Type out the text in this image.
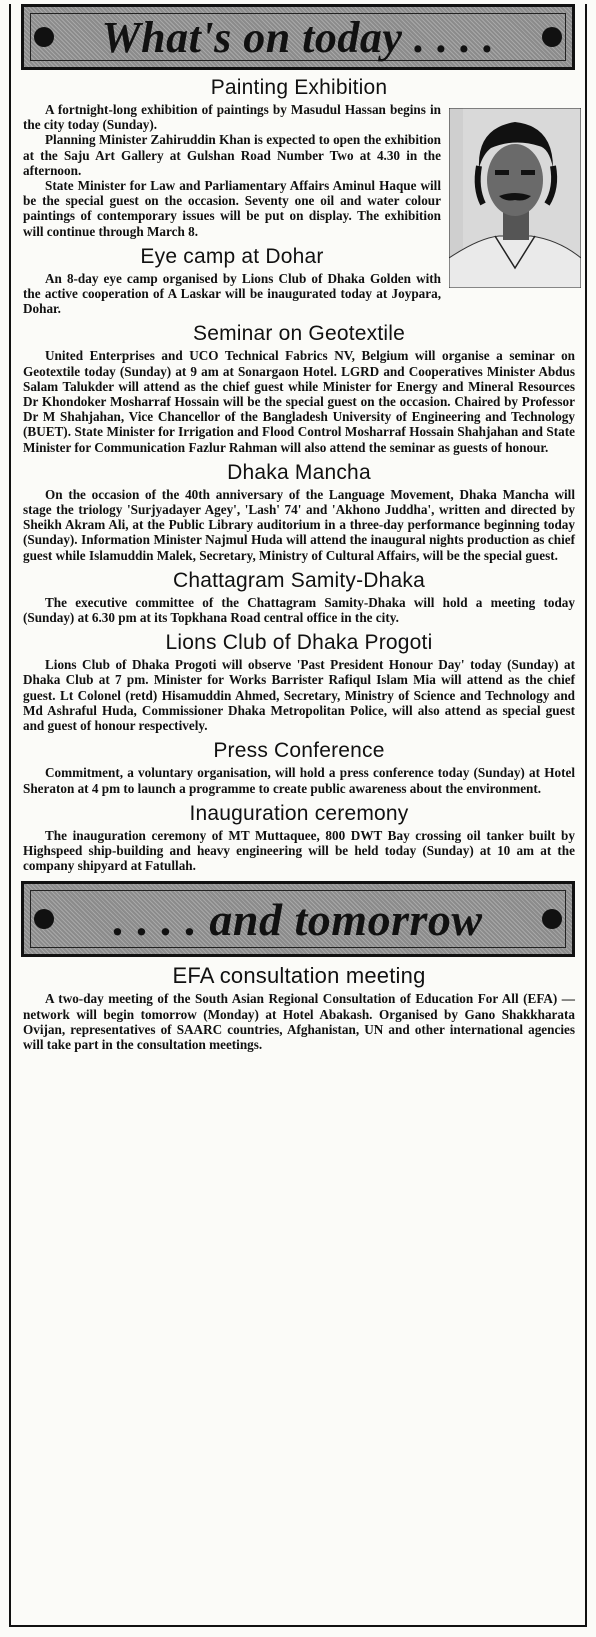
What's on today . . . .
Painting Exhibition

A fortnight-long exhibition of paintings by Masudul Hassan begins in the city today (Sunday).

Planning Minister Zahiruddin Khan is expected to open the exhibition at the Saju Art Gallery at Gulshan Road Number Two at 4.30 in the afternoon.

State Minister for Law and Parliamentary Affairs Aminul Haque will be the special guest on the occasion. Seventy one oil and water colour paintings of contemporary issues will be put on display. The exhibition will continue through March 8.

Eye camp at Dohar

An 8-day eye camp organised by Lions Club of Dhaka Golden with the active cooperation of A Laskar will be inaugurated today at Joypara, Dohar.

Seminar on Geotextile

United Enterprises and UCO Technical Fabrics NV, Belgium will organise a seminar on Geotextile today (Sunday) at 9 am at Sonargaon Hotel. LGRD and Cooperatives Minister Abdus Salam Talukder will attend as the chief guest while Minister for Energy and Mineral Resources Dr Khondoker Mosharraf Hossain will be the special guest on the occasion. Chaired by Professor Dr M Shahjahan, Vice Chancellor of the Bangladesh University of Engineering and Technology (BUET). State Minister for Irrigation and Flood Control Mosharraf Hossain Shahjahan and State Minister for Communication Fazlur Rahman will also attend the seminar as guests of honour.

Dhaka Mancha

On the occasion of the 40th anniversary of the Language Movement, Dhaka Mancha will stage the triology 'Surjyadayer Agey', 'Lash' 74' and 'Akhono Juddha', written and directed by Sheikh Akram Ali, at the Public Library auditorium in a three-day performance beginning today (Sunday). Information Minister Najmul Huda will attend the inaugural nights production as chief guest while Islamuddin Malek, Secretary, Ministry of Cultural Affairs, will be the special guest.

Chattagram Samity-Dhaka

The executive committee of the Chattagram Samity-Dhaka will hold a meeting today (Sunday) at 6.30 pm at its Topkhana Road central office in the city.

Lions Club of Dhaka Progoti

Lions Club of Dhaka Progoti will observe 'Past President Honour Day' today (Sunday) at Dhaka Club at 7 pm. Minister for Works Barrister Rafiqul Islam Mia will attend as the chief guest. Lt Colonel (retd) Hisamuddin Ahmed, Secretary, Ministry of Science and Technology and Md Ashraful Huda, Commissioner Dhaka Metropolitan Police, will also attend as special guest and guest of honour respectively.

Press Conference

Commitment, a voluntary organisation, will hold a press conference today (Sunday) at Hotel Sheraton at 4 pm to launch a programme to create public awareness about the environment.

Inauguration ceremony

The inauguration ceremony of MT Muttaquee, 800 DWT Bay crossing oil tanker built by Highspeed ship-building and heavy engineering will be held today (Sunday) at 10 am at the company shipyard at Fatullah.

. . . . and tomorrow
EFA consultation meeting

A two-day meeting of the South Asian Regional Consultation of Education For All (EFA) — network will begin tomorrow (Monday) at Hotel Abakash. Organised by Gano Shakkharata Ovijan, representatives of SAARC countries, Afghanistan, UN and other international agencies will take part in the consultation meetings.
